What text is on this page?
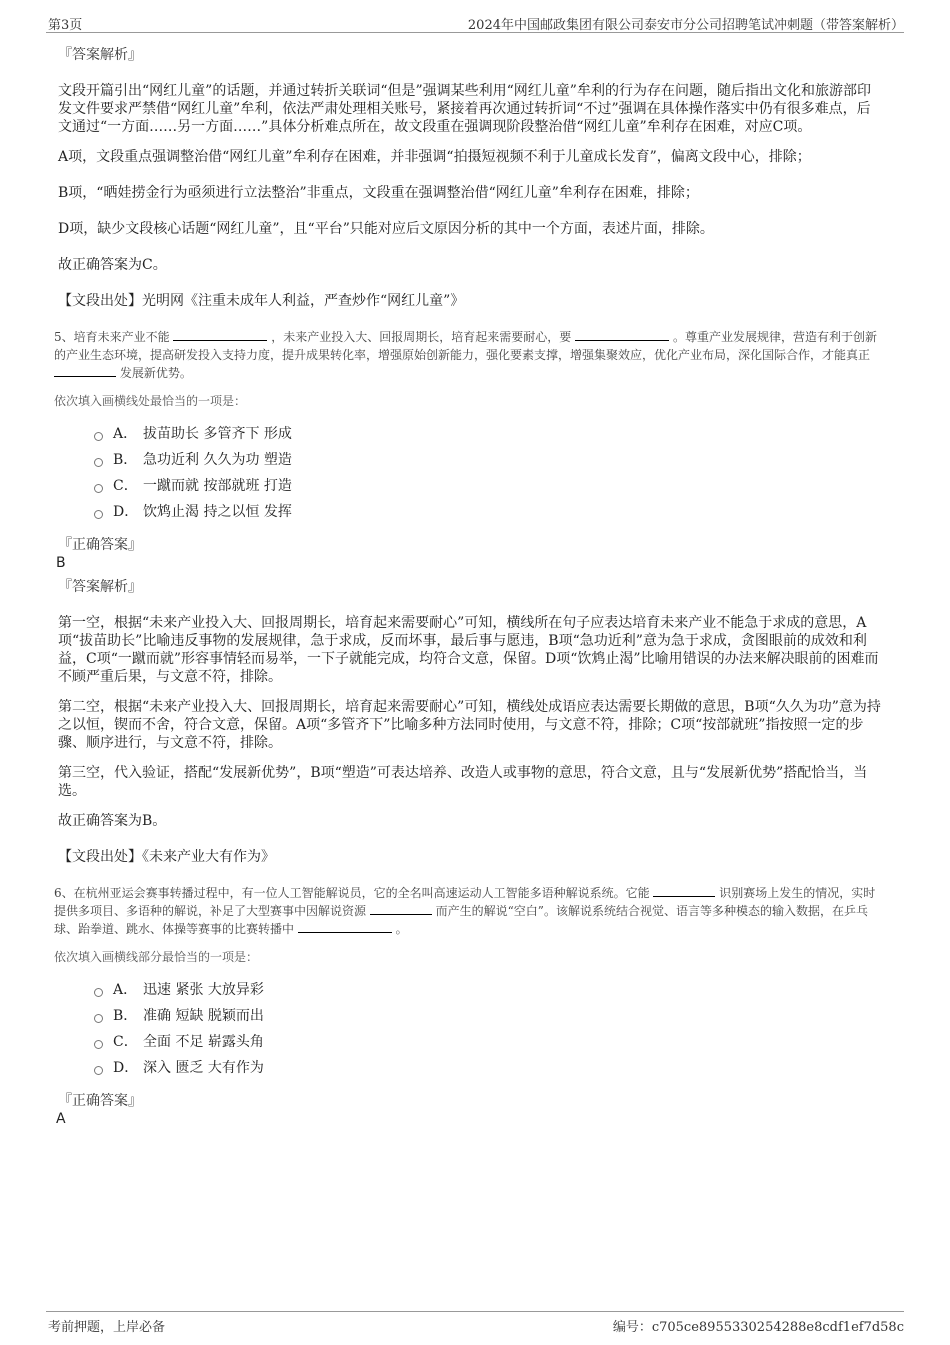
第3页	2024年中国邮政集团有限公司泰安市分公司招聘笔试冲刺题（带答案解析）
『答案解析』

文段开篇引出“网红儿童”的话题，并通过转折关联词“但是”强调某些利用“网红儿童”牟利的行为存在问题，随后指出文化和旅游部印发文件要求严禁借“网红儿童”牟利，依法严肃处理相关账号，紧接着再次通过转折词“不过”强调在具体操作落实中仍有很多难点，后文通过“一方面……另一方面……”具体分析难点所在，故文段重在强调现阶段整治借“网红儿童”牟利存在困难，对应C项。

A项，文段重点强调整治借“网红儿童”牟利存在困难，并非强调“拍摄短视频不利于儿童成长发育”，偏离文段中心，排除；

B项，“晒娃捞金行为亟须进行立法整治”非重点，文段重在强调整治借“网红儿童”牟利存在困难，排除；

D项，缺少文段核心话题“网红儿童”，且“平台”只能对应后文原因分析的其中一个方面，表述片面，排除。

故正确答案为C。

【文段出处】光明网《注重未成年人利益，严查炒作“网红儿童”》

5、培育未来产业不能	，未来产业投入大、回报周期长，培育起来需要耐心，要	。尊重产业发展规律，营造有利于创新的产业生态环境，提高研发投入支持力度，提升成果转化率，增强原始创新能力，强化要素支撑，增强集聚效应，优化产业布局，深化国际合作，才能真正  发展新优势。
依次填入画横线处最恰当的一项是：
A． 拔苗助长 多管齐下 形成
B． 急功近利 久久为功 塑造
C． 一蹴而就 按部就班 打造
D． 饮鸩止渴 持之以恒 发挥
『正确答案』
B
『答案解析』

第一空，根据“未来产业投入大、回报周期长，培育起来需要耐心”可知，横线所在句子应表达培育未来产业不能急于求成的意思，A项“拔苗助长”比喻违反事物的发展规律，急于求成，反而坏事，最后事与愿违，B项“急功近利”意为急于求成，贪图眼前的成效和利益，C项“一蹴而就”形容事情轻而易举，一下子就能完成，均符合文意，保留。D项“饮鸩止渴”比喻用错误的办法来解决眼前的困难而不顾严重后果，与文意不符，排除。

第二空，根据“未来产业投入大、回报周期长，培育起来需要耐心”可知，横线处成语应表达需要长期做的意思，B项“久久为功”意为持之以恒，锲而不舍，符合文意，保留。A项“多管齐下”比喻多种方法同时使用，与文意不符，排除；C项“按部就班”指按照一定的步骤、顺序进行，与文意不符，排除。

第三空，代入验证，搭配“发展新优势”，B项“塑造”可表达培养、改造人或事物的意思，符合文意，且与“发展新优势”搭配恰当，当选。

故正确答案为B。

【文段出处】《未来产业大有作为》

6、在杭州亚运会赛事转播过程中，有一位人工智能解说员，它的全名叫高速运动人工智能多语种解说系统。它能	识别赛场上发生的情况，实时提供多项目、多语种的解说，补足了大型赛事中因解说资源	而产生的解说“空白”。该解说系统结合视觉、语言等多种模态的输入数据，在乒乓球、跆拳道、跳水、体操等赛事的比赛转播中	。
依次填入画横线部分最恰当的一项是：
A． 迅速 紧张 大放异彩
B． 准确 短缺 脱颖而出
C． 全面 不足 崭露头角
D． 深入 匮乏 大有作为
『正确答案』
A
考前押题，上岸必备	编号：c705ce8955330254288e8cdf1ef7d58c
